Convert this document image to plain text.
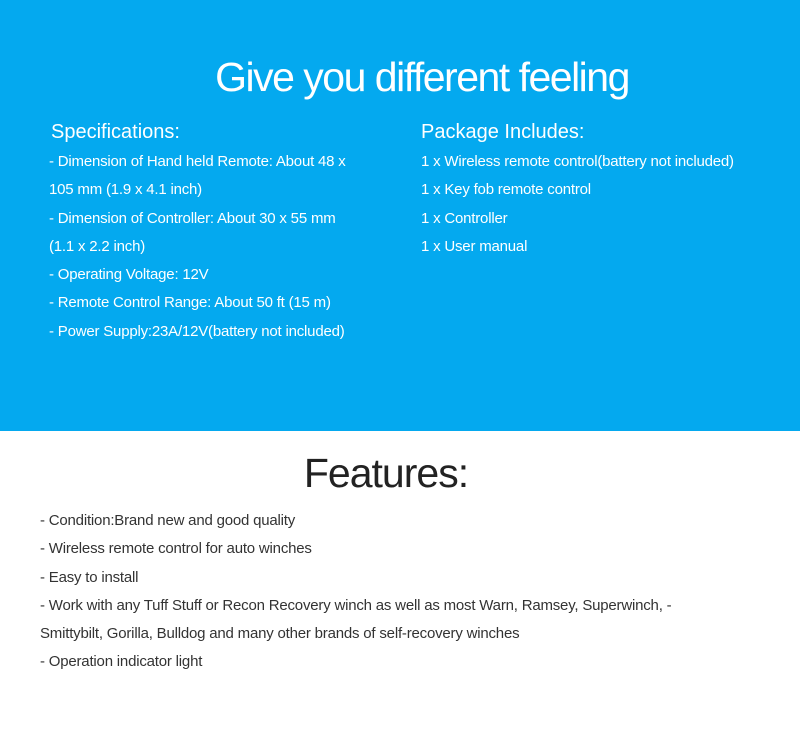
Give you different feeling
Specifications:
- Dimension of Hand held Remote: About 48 x
105 mm (1.9 x 4.1 inch)
- Dimension of Controller: About 30 x 55 mm
(1.1 x 2.2 inch)
- Operating Voltage: 12V
- Remote Control Range: About 50 ft (15 m)
- Power Supply:23A/12V(battery not included)
Package Includes:
1 x Wireless remote control(battery not included)
1 x Key fob remote control
1 x Controller
1 x User manual
Features:
- Condition:Brand new and good quality
- Wireless remote control for auto winches
- Easy to install
- Work with any Tuff Stuff or Recon Recovery winch as well as most Warn, Ramsey, Superwinch, -
Smittybilt, Gorilla, Bulldog and many other brands of self-recovery winches
- Operation indicator light
